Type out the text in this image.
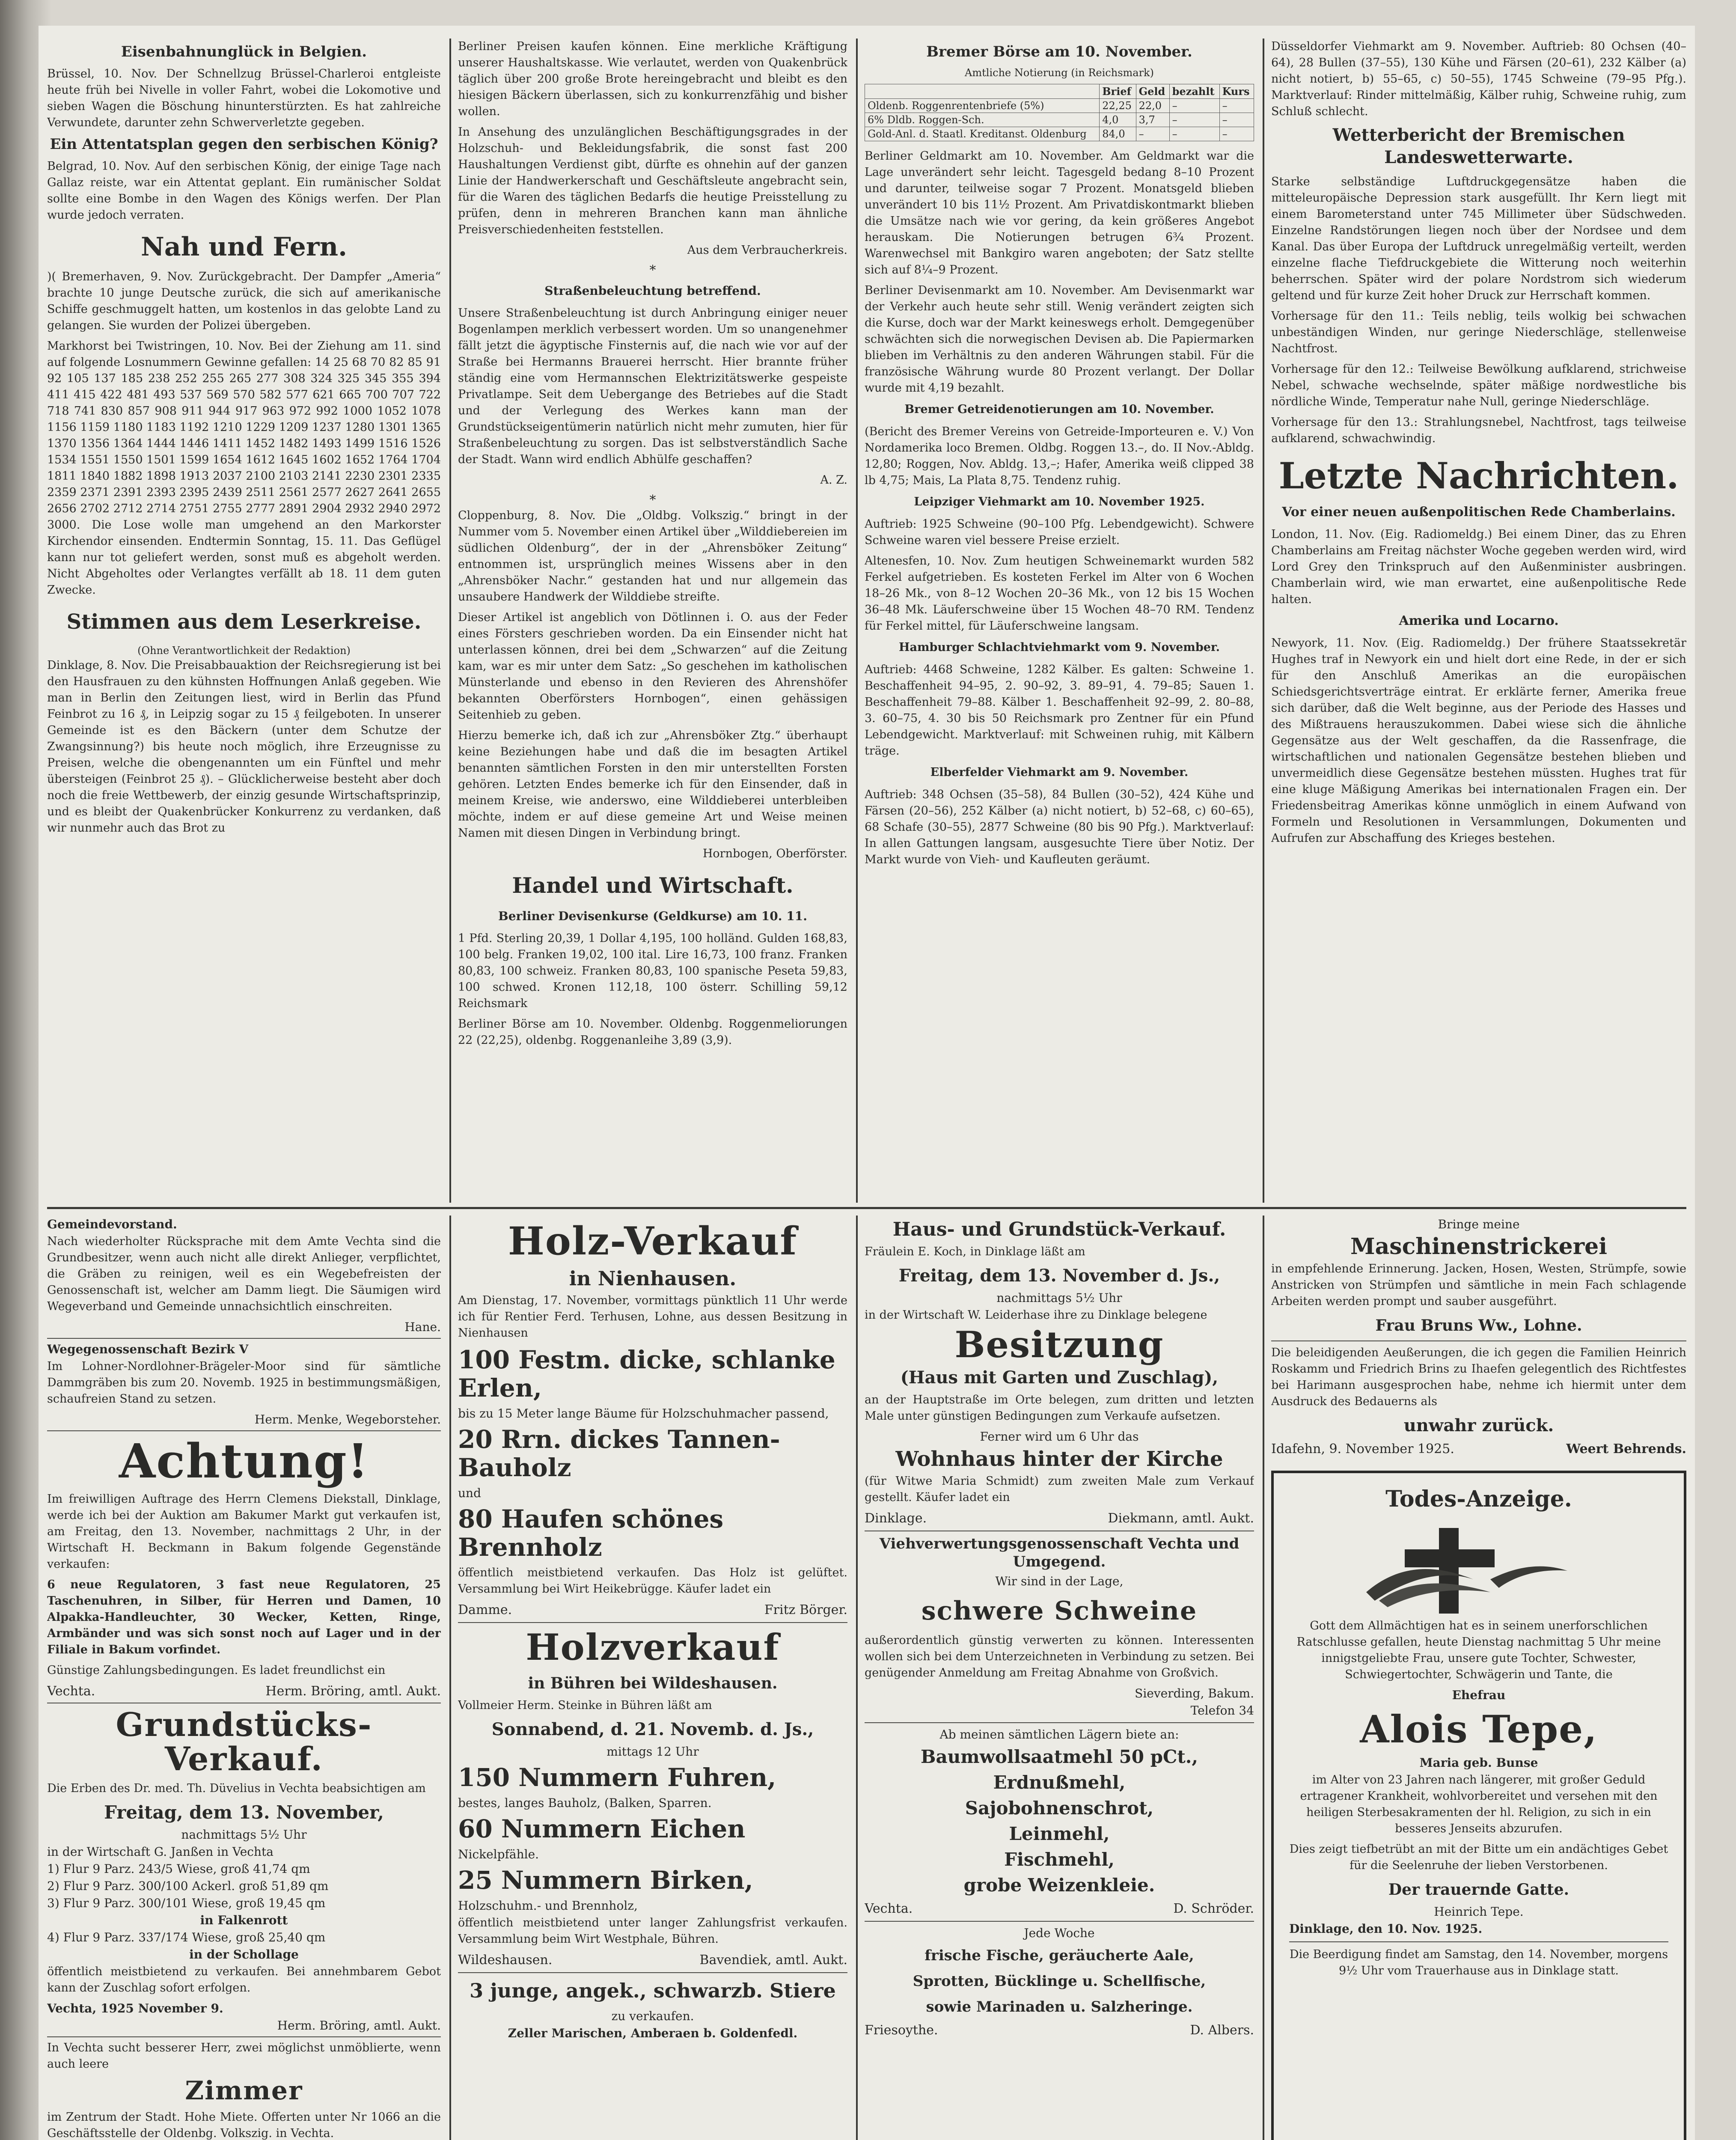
Eisenbahnunglück in Belgien.

Brüssel, 10. Nov. Der Schnellzug Brüssel-Charleroi entgleiste heute früh bei Nivelle in voller Fahrt, wobei die Lokomotive und sieben Wagen die Böschung hinunterstürzten. Es hat zahlreiche Verwundete, darunter zehn Schwerverletzte gegeben.

Ein Attentatsplan gegen den serbischen König?

Belgrad, 10. Nov. Auf den serbischen König, der einige Tage nach Gallaz reiste, war ein Attentat geplant. Ein rumänischer Soldat sollte eine Bombe in den Wagen des Königs werfen. Der Plan wurde jedoch verraten.

Nah und Fern.

)( Bremerhaven, 9. Nov. Zurückgebracht. Der Dampfer „Ameria“ brachte 10 junge Deutsche zurück, die sich auf amerikanische Schiffe geschmuggelt hatten, um kostenlos in das gelobte Land zu gelangen. Sie wurden der Polizei übergeben.

Markhorst bei Twistringen, 10. Nov. Bei der Ziehung am 11. sind auf folgende Losnummern Gewinne gefallen: 14 25 68 70 82 85 91 92 105 137 185 238 252 255 265 277 308 324 325 345 355 394 411 415 422 481 493 537 569 570 582 577 621 665 700 707 722 718 741 830 857 908 911 944 917 963 972 992 1000 1052 1078 1156 1159 1180 1183 1192 1210 1229 1209 1237 1280 1301 1365 1370 1356 1364 1444 1446 1411 1452 1482 1493 1499 1516 1526 1534 1551 1550 1501 1599 1654 1612 1645 1602 1652 1764 1704 1811 1840 1882 1898 1913 2037 2100 2103 2141 2230 2301 2335 2359 2371 2391 2393 2395 2439 2511 2561 2577 2627 2641 2655 2656 2702 2712 2714 2751 2755 2777 2891 2904 2932 2940 2972 3000. Die Lose wolle man umgehend an den Markorster Kirchendor einsenden. Endtermin Sonntag, 15. 11. Das Geflügel kann nur tot geliefert werden, sonst muß es abgeholt werden. Nicht Abgeholtes oder Verlangtes verfällt ab 18. 11 dem guten Zwecke.

Stimmen aus dem Leserkreise.
(Ohne Verantwortlichkeit der Redaktion)

Dinklage, 8. Nov. Die Preisabbauaktion der Reichsregierung ist bei den Hausfrauen zu den kühnsten Hoffnungen Anlaß gegeben. Wie man in Berlin den Zeitungen liest, wird in Berlin das Pfund Feinbrot zu 16 ₰, in Leipzig sogar zu 15 ₰ feilgeboten. In unserer Gemeinde ist es den Bäckern (unter dem Schutze der Zwangsinnung?) bis heute noch möglich, ihre Erzeugnisse zu Preisen, welche die obengenannten um ein Fünftel und mehr übersteigen (Feinbrot 25 ₰). – Glücklicherweise besteht aber doch noch die freie Wettbewerb, der einzig gesunde Wirtschaftsprinzip, und es bleibt der Quakenbrücker Konkurrenz zu verdanken, daß wir nunmehr auch das Brot zu

Berliner Preisen kaufen können. Eine merkliche Kräftigung unserer Haushaltskasse. Wie verlautet, werden von Quakenbrück täglich über 200 große Brote hereingebracht und bleibt es den hiesigen Bäckern überlassen, sich zu konkurrenzfähig und bisher wollen.

In Ansehung des unzulänglichen Beschäftigungsgrades in der Holzschuh- und Bekleidungsfabrik, die sonst fast 200 Haushaltungen Verdienst gibt, dürfte es ohnehin auf der ganzen Linie der Handwerkerschaft und Geschäftsleute angebracht sein, für die Waren des täglichen Bedarfs die heutige Preisstellung zu prüfen, denn in mehreren Branchen kann man ähnliche Preisverschiedenheiten feststellen.

Aus dem Verbraucherkreis.
*
Straßenbeleuchtung betreffend.

Unsere Straßenbeleuchtung ist durch Anbringung einiger neuer Bogenlampen merklich verbessert worden. Um so unangenehmer fällt jetzt die ägyptische Finsternis auf, die nach wie vor auf der Straße bei Hermanns Brauerei herrscht. Hier brannte früher ständig eine vom Hermannschen Elektrizitätswerke gespeiste Privatlampe. Seit dem Uebergange des Betriebes auf die Stadt und der Verlegung des Werkes kann man der Grundstückseigentümerin natürlich nicht mehr zumuten, hier für Straßenbeleuchtung zu sorgen. Das ist selbstverständlich Sache der Stadt. Wann wird endlich Abhülfe geschaffen?

A. Z.
*

Cloppenburg, 8. Nov. Die „Oldbg. Volkszig.“ bringt in der Nummer vom 5. November einen Artikel über „Wilddiebereien im südlichen Oldenburg“, der in der „Ahrensböker Zeitung“ entnommen ist, ursprünglich meines Wissens aber in den „Ahrensböker Nachr.“ gestanden hat und nur allgemein das unsaubere Handwerk der Wilddiebe streifte.

Dieser Artikel ist angeblich von Dötlinnen i. O. aus der Feder eines Försters geschrieben worden. Da ein Einsender nicht hat unterlassen können, drei bei dem „Schwarzen“ auf die Zeitung kam, war es mir unter dem Satz: „So geschehen im katholischen Münsterlande und ebenso in den Revieren des Ahrenshöfer bekannten Oberförsters Hornbogen“, einen gehässigen Seitenhieb zu geben.

Hierzu bemerke ich, daß ich zur „Ahrensböker Ztg.“ überhaupt keine Beziehungen habe und daß die im besagten Artikel benannten sämtlichen Forsten in den mir unterstellten Forsten gehören. Letzten Endes bemerke ich für den Einsender, daß in meinem Kreise, wie anderswo, eine Wilddieberei unterbleiben möchte, indem er auf diese gemeine Art und Weise meinen Namen mit diesen Dingen in Verbindung bringt.

Hornbogen, Oberförster.
Handel und Wirtschaft.
Berliner Devisenkurse (Geldkurse) am 10. 11.

1 Pfd. Sterling 20,39, 1 Dollar 4,195, 100 holländ. Gulden 168,83, 100 belg. Franken 19,02, 100 ital. Lire 16,73, 100 franz. Franken 80,83, 100 schweiz. Franken 80,83, 100 spanische Peseta 59,83, 100 schwed. Kronen 112,18, 100 österr. Schilling 59,12 Reichsmark

Berliner Börse am 10. November. Oldenbg. Roggenmeliorungen 22 (22,25), oldenbg. Roggenanleihe 3,89 (3,9).

Bremer Börse am 10. November.
Amtliche Notierung (in Reichsmark)
	Brief	Geld	bezahlt	Kurs
Oldenb. Roggenrentenbriefe (5%)	22,25	22,0	–	–
6% Dldb. Roggen-Sch.	4,0	3,7	–	–
Gold-Anl. d. Staatl. Kreditanst. Oldenburg	84,0	–	–	–

Berliner Geldmarkt am 10. November. Am Geldmarkt war die Lage unverändert sehr leicht. Tagesgeld bedang 8–10 Prozent und darunter, teilweise sogar 7 Prozent. Monatsgeld blieben unverändert 10 bis 11½ Prozent. Am Privatdiskontmarkt blieben die Umsätze nach wie vor gering, da kein größeres Angebot herauskam. Die Notierungen betrugen 6¾ Prozent. Warenwechsel mit Bankgiro waren angeboten; der Satz stellte sich auf 8¼–9 Prozent.

Berliner Devisenmarkt am 10. November. Am Devisenmarkt war der Verkehr auch heute sehr still. Wenig verändert zeigten sich die Kurse, doch war der Markt keineswegs erholt. Demgegenüber schwächten sich die norwegischen Devisen ab. Die Papiermarken blieben im Verhältnis zu den anderen Währungen stabil. Für die französische Währung wurde 80 Prozent verlangt. Der Dollar wurde mit 4,19 bezahlt.

Bremer Getreidenotierungen am 10. November.

(Bericht des Bremer Vereins von Getreide-Importeuren e. V.) Von Nordamerika loco Bremen. Oldbg. Roggen 13.–, do. II Nov.-Abldg. 12,80; Roggen, Nov. Abldg. 13,–; Hafer, Amerika weiß clipped 38 lb 4,75; Mais, La Plata 8,75. Tendenz ruhig.

Leipziger Viehmarkt am 10. November 1925.

Auftrieb: 1925 Schweine (90–100 Pfg. Lebendgewicht). Schwere Schweine waren viel bessere Preise erzielt.

Altenesfen, 10. Nov. Zum heutigen Schweinemarkt wurden 582 Ferkel aufgetrieben. Es kosteten Ferkel im Alter von 6 Wochen 18–26 Mk., von 8–12 Wochen 20–36 Mk., von 12 bis 15 Wochen 36–48 Mk. Läuferschweine über 15 Wochen 48–70 RM. Tendenz für Ferkel mittel, für Läuferschweine langsam.

Hamburger Schlachtviehmarkt vom 9. November.

Auftrieb: 4468 Schweine, 1282 Kälber. Es galten: Schweine 1. Beschaffenheit 94–95, 2. 90–92, 3. 89–91, 4. 79–85; Sauen 1. Beschaffenheit 79–88. Kälber 1. Beschaffenheit 92–99, 2. 80–88, 3. 60–75, 4. 30 bis 50 Reichsmark pro Zentner für ein Pfund Lebendgewicht. Marktverlauf: mit Schweinen ruhig, mit Kälbern träge.

Elberfelder Viehmarkt am 9. November.

Auftrieb: 348 Ochsen (35–58), 84 Bullen (30–52), 424 Kühe und Färsen (20–56), 252 Kälber (a) nicht notiert, b) 52–68, c) 60–65), 68 Schafe (30–55), 2877 Schweine (80 bis 90 Pfg.). Marktverlauf: In allen Gattungen langsam, ausgesuchte Tiere über Notiz. Der Markt wurde von Vieh- und Kaufleuten geräumt.

Düsseldorfer Viehmarkt am 9. November. Auftrieb: 80 Ochsen (40–64), 28 Bullen (37–55), 130 Kühe und Färsen (20–61), 232 Kälber (a) nicht notiert, b) 55–65, c) 50–55), 1745 Schweine (79–95 Pfg.). Marktverlauf: Rinder mittelmäßig, Kälber ruhig, Schweine ruhig, zum Schluß schlecht.

Wetterbericht der Bremischen Landeswetterwarte.

Starke selbständige Luftdruckgegensätze haben die mitteleuropäische Depression stark ausgefüllt. Ihr Kern liegt mit einem Barometerstand unter 745 Millimeter über Südschweden. Einzelne Randstörungen liegen noch über der Nordsee und dem Kanal. Das über Europa der Luftdruck unregelmäßig verteilt, werden einzelne flache Tiefdruckgebiete die Witterung noch weiterhin beherrschen. Später wird der polare Nordstrom sich wiederum geltend und für kurze Zeit hoher Druck zur Herrschaft kommen.

Vorhersage für den 11.: Teils neblig, teils wolkig bei schwachen unbeständigen Winden, nur geringe Niederschläge, stellenweise Nachtfrost.

Vorhersage für den 12.: Teilweise Bewölkung aufklarend, strichweise Nebel, schwache wechselnde, später mäßige nordwestliche bis nördliche Winde, Temperatur nahe Null, geringe Niederschläge.

Vorhersage für den 13.: Strahlungsnebel, Nachtfrost, tags teilweise aufklarend, schwachwindig.

Letzte Nachrichten.
Vor einer neuen außenpolitischen Rede Chamberlains.

London, 11. Nov. (Eig. Radiomeldg.) Bei einem Diner, das zu Ehren Chamberlains am Freitag nächster Woche gegeben werden wird, wird Lord Grey den Trinkspruch auf den Außenminister ausbringen. Chamberlain wird, wie man erwartet, eine außenpolitische Rede halten.

Amerika und Locarno.

Newyork, 11. Nov. (Eig. Radiomeldg.) Der frühere Staatssekretär Hughes traf in Newyork ein und hielt dort eine Rede, in der er sich für den Anschluß Amerikas an die europäischen Schiedsgerichtsverträge eintrat. Er erklärte ferner, Amerika freue sich darüber, daß die Welt beginne, aus der Periode des Hasses und des Mißtrauens herauszukommen. Dabei wiese sich die ähnliche Gegensätze aus der Welt geschaffen, da die Rassenfrage, die wirtschaftlichen und nationalen Gegensätze bestehen blieben und unvermeidlich diese Gegensätze bestehen müssten. Hughes trat für eine kluge Mäßigung Amerikas bei internationalen Fragen ein. Der Friedensbeitrag Amerikas könne unmöglich in einem Aufwand von Formeln und Resolutionen in Versammlungen, Dokumenten und Aufrufen zur Abschaffung des Krieges bestehen.

Gemeindevorstand.

Nach wiederholter Rücksprache mit dem Amte Vechta sind die Grundbesitzer, wenn auch nicht alle direkt Anlieger, verpflichtet, die Gräben zu reinigen, weil es ein Wegebefreisten der Genossenschaft ist, welcher am Damm liegt. Die Säumigen wird Wegeverband und Gemeinde unnachsichtlich einschreiten.

Hane.
Wegegenossenschaft Bezirk V

Im Lohner-Nordlohner-Brägeler-Moor sind für sämtliche Dammgräben bis zum 20. Novemb. 1925 in bestimmungsmäßigen, schaufreien Stand zu setzen.

Herm. Menke, Wegeborsteher.
Achtung!

Im freiwilligen Auftrage des Herrn Clemens Diekstall, Dinklage, werde ich bei der Auktion am Bakumer Markt gut verkaufen ist, am Freitag, den 13. November, nachmittags 2 Uhr, in der Wirtschaft H. Beckmann in Bakum folgende Gegenstände verkaufen:

6 neue Regulatoren, 3 fast neue Regulatoren, 25 Taschenuhren, in Silber, für Herren und Damen, 10 Alpakka-Handleuchter, 30 Wecker, Ketten, Ringe, Armbänder und was sich sonst noch auf Lager und in der Filiale in Bakum vorfindet.

Günstige Zahlungsbedingungen. Es ladet freundlichst ein

Vechta.	Herm. Bröring, amtl. Aukt.
Grundstücks-Verkauf.

Die Erben des Dr. med. Th. Düvelius in Vechta beabsichtigen am

Freitag, dem 13. November,
nachmittags 5½ Uhr
in der Wirtschaft G. Janßen in Vechta
1) Flur 9 Parz. 243/5 Wiese, groß 41,74 qm
2) Flur 9 Parz. 300/100 Ackerl. groß 51,89 qm
3) Flur 9 Parz. 300/101 Wiese, groß 19,45 qm
in Falkenrott
4) Flur 9 Parz. 337/174 Wiese, groß 25,40 qm
in der Schollage

öffentlich meistbietend zu verkaufen. Bei annehmbarem Gebot kann der Zuschlag sofort erfolgen.

Vechta, 1925 November 9.
Herm. Bröring, amtl. Aukt.

In Vechta sucht besserer Herr, zwei möglichst unmöblierte, wenn auch leere

Zimmer

im Zentrum der Stadt. Hohe Miete. Offerten unter Nr 1066 an die Geschäftsstelle der Oldenbg. Volkszig. in Vechta.

Holz-Verkauf
in Nienhausen.

Am Dienstag, 17. November, vormittags pünktlich 11 Uhr werde ich für Rentier Ferd. Terhusen, Lohne, aus dessen Besitzung in Nienhausen

100 Festm. dicke, schlanke Erlen,
bis zu 15 Meter lange Bäume für Holzschuhmacher passend,
20 Rrn. dickes Tannen-Bauholz
und
80 Haufen schönes Brennholz

öffentlich meistbietend verkaufen. Das Holz ist gelüftet. Versammlung bei Wirt Heikebrügge. Käufer ladet ein

Damme.	Fritz Börger.
Holzverkauf
in Bühren bei Wildeshausen.

Vollmeier Herm. Steinke in Bühren läßt am

Sonnabend, d. 21. Novemb. d. Js.,
mittags 12 Uhr
150 Nummern Fuhren,
bestes, langes Bauholz, (Balken, Sparren.
60 Nummern Eichen
Nickelpfähle.
25 Nummern Birken,
Holzschuhm.- und Brennholz,

öffentlich meistbietend unter langer Zahlungsfrist verkaufen. Versammlung beim Wirt Westphale, Bühren.

Wildeshausen.	Bavendiek, amtl. Aukt.
3 junge, angek., schwarzb. Stiere
zu verkaufen.
Zeller Marischen, Amberaen b. Goldenfedl.
Haus- und Grundstück-Verkauf.

Fräulein E. Koch, in Dinklage läßt am

Freitag, dem 13. November d. Js.,
nachmittags 5½ Uhr

in der Wirtschaft W. Leiderhase ihre zu Dinklage belegene

Besitzung
(Haus mit Garten und Zuschlag),

an der Hauptstraße im Orte belegen, zum dritten und letzten Male unter günstigen Bedingungen zum Verkaufe aufsetzen.

Ferner wird um 6 Uhr das
Wohnhaus hinter der Kirche

(für Witwe Maria Schmidt) zum zweiten Male zum Verkauf gestellt. Käufer ladet ein

Dinklage.	Diekmann, amtl. Aukt.
Viehverwertungsgenossenschaft Vechta und Umgegend.
Wir sind in der Lage,
schwere Schweine

außerordentlich günstig verwerten zu können. Interessenten wollen sich bei dem Unterzeichneten in Verbindung zu setzen. Bei genügender Anmeldung am Freitag Abnahme von Großvich.

Sieverding, Bakum.
Telefon 34
Ab meinen sämtlichen Lägern biete an:
Baumwollsaatmehl 50 pCt.,
Erdnußmehl,
Sajobohnenschrot,
Leinmehl,
Fischmehl,
grobe Weizenkleie.
Vechta.	D. Schröder.
Jede Woche
frische Fische, geräucherte Aale,
Sprotten, Bücklinge u. Schellfische,
sowie Marinaden u. Salzheringe.
Friesoythe.	D. Albers.
Bringe meine
Maschinenstrickerei

in empfehlende Erinnerung. Jacken, Hosen, Westen, Strümpfe, sowie Anstricken von Strümpfen und sämtliche in mein Fach schlagende Arbeiten werden prompt und sauber ausgeführt.

Frau Bruns Ww., Lohne.

Die beleidigenden Aeußerungen, die ich gegen die Familien Heinrich Roskamm und Friedrich Brins zu Ihaefen gelegentlich des Richtfestes bei Harimann ausgesprochen habe, nehme ich hiermit unter dem Ausdruck des Bedauerns als

unwahr zurück.
Idafehn, 9. November 1925.	Weert Behrends.
Todes-Anzeige.

Gott dem Allmächtigen hat es in seinem unerforschlichen Ratschlusse gefallen, heute Dienstag nachmittag 5 Uhr meine innigstgeliebte Frau, unsere gute Tochter, Schwester, Schwiegertochter, Schwägerin und Tante, die

Ehefrau
Alois Tepe,
Maria geb. Bunse

im Alter von 23 Jahren nach längerer, mit großer Geduld ertragener Krankheit, wohlvorbereitet und versehen mit den heiligen Sterbesakramenten der hl. Religion, zu sich in ein besseres Jenseits abzurufen.

Dies zeigt tiefbetrübt an mit der Bitte um ein andächtiges Gebet für die Seelenruhe der lieben Verstorbenen.

Der trauernde Gatte.
Heinrich Tepe.
Dinklage, den 10. Nov. 1925.

Die Beerdigung findet am Samstag, den 14. November, morgens 9½ Uhr vom Trauerhause aus in Dinklage statt.
